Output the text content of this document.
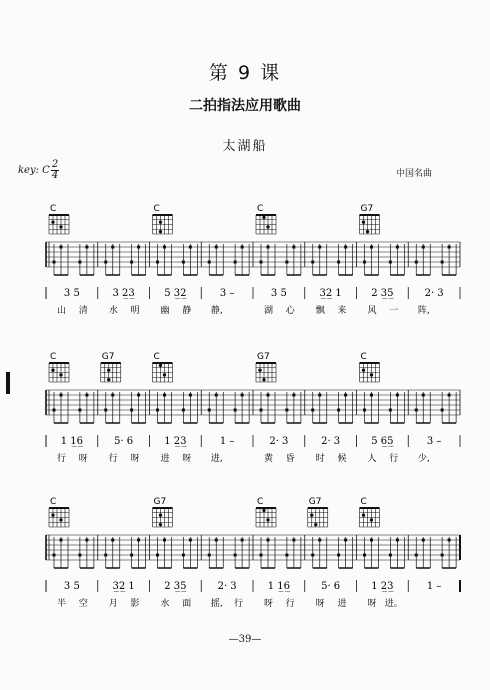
第 9 课
二拍指法应用歌曲
太湖船
key: C $\frac{2}{4}$	中国名曲
C	C	C	G7
3 5	3 2̲3̲	5 3̲2̲	3 –	3 5	3̲2̲ 1	2 3̲5̲	2· 3
山 清 水 明 幽 静 静,	湖 心 飘 来 风 一 阵,
C	G7	C	G7	C
1 1̲6̲	5· 6	1 2̲3̲	1 –	2· 3	2· 3	5 6̲5̲	3 –
行 呀 行 呀 进 呀 进,	黄 昏 时 候 人 行 少,
C	G7	C	G7	C
3 5	3̲2̲ 1	2 3̲5̲	2· 3	1 1̲6̲	5· 6	1 2̲3̲	1 –
半 空 月 影 水 面 摇, 行 呀 行 呀 进 呀 进。
—39—
